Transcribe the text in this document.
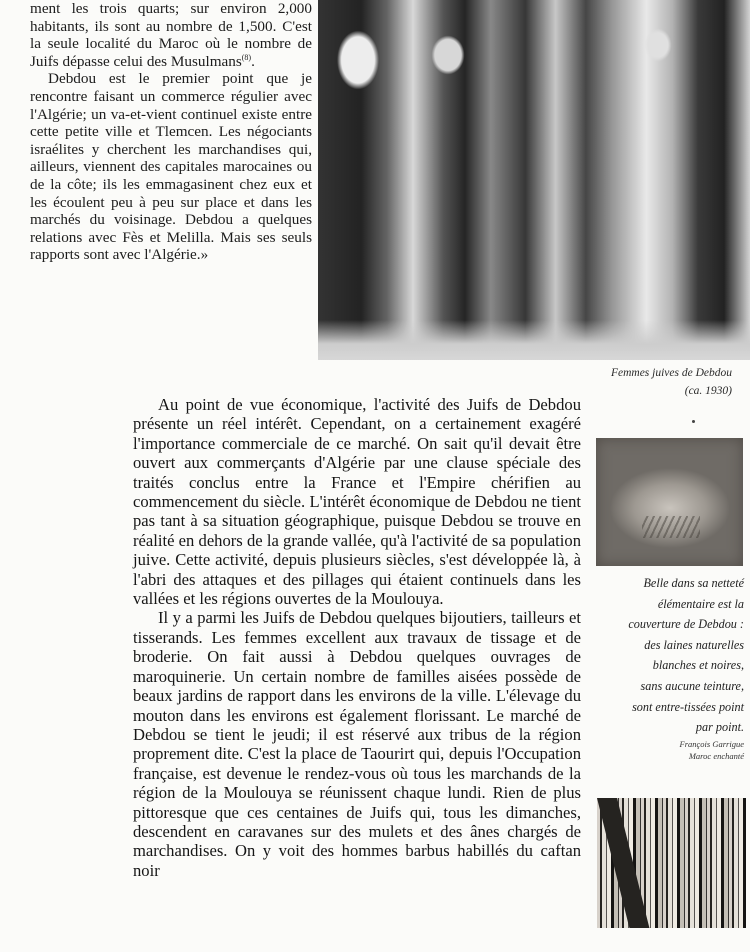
ment les trois quarts; sur environ 2,000 habitants, ils sont au nombre de 1,500. C'est la seule localité du Maroc où le nombre de Juifs dépasse celui des Musulmans$^{(8)}$.

Debdou est le premier point que je rencontre faisant un commerce régulier avec l'Algérie; un va-et-vient continuel existe entre cette petite ville et Tlemcen. Les négociants israélites y cherchent les marchandises qui, ailleurs, viennent des capitales marocaines ou de la côte; ils les emmagasinent chez eux et les écoulent peu à peu sur place et dans les marchés du voisinage. Debdou a quelques relations avec Fès et Melilla. Mais ses seuls rapports sont avec l'Algérie.»

Femmes juives de Debdou
(ca. 1930)

Au point de vue économique, l'activité des Juifs de Debdou présente un réel intérêt. Cependant, on a certainement exagéré l'importance commerciale de ce marché. On sait qu'il devait être ouvert aux commerçants d'Algérie par une clause spéciale des traités conclus entre la France et l'Empire chérifien au commencement du siècle. L'intérêt économique de Debdou ne tient pas tant à sa situation géographique, puisque Debdou se trouve en réalité en dehors de la grande vallée, qu'à l'activité de sa population juive. Cette activité, depuis plusieurs siècles, s'est développée là, à l'abri des attaques et des pillages qui étaient continuels dans les vallées et les régions ouvertes de la Moulouya.

Il y a parmi les Juifs de Debdou quelques bijoutiers, tailleurs et tisserands. Les femmes excellent aux travaux de tissage et de broderie. On fait aussi à Debdou quelques ouvrages de maroquinerie. Un certain nombre de familles aisées possède de beaux jardins de rapport dans les environs de la ville. L'élevage du mouton dans les environs est également florissant. Le marché de Debdou se tient le jeudi; il est réservé aux tribus de la région proprement dite. C'est la place de Taourirt qui, depuis l'Occupation française, est devenue le rendez-vous où tous les marchands de la région de la Moulouya se réunissent chaque lundi. Rien de plus pittoresque que ces centaines de Juifs qui, tous les dimanches, descendent en caravanes sur des mulets et des ânes chargés de marchandises. On y voit des hommes barbus habillés du caftan noir

Belle dans sa netteté
élémentaire est la
couverture de Debdou :
des laines naturelles
blanches et noires,
sans aucune teinture,
sont entre-tissées point
par point.
François Garrigue
Maroc enchanté
